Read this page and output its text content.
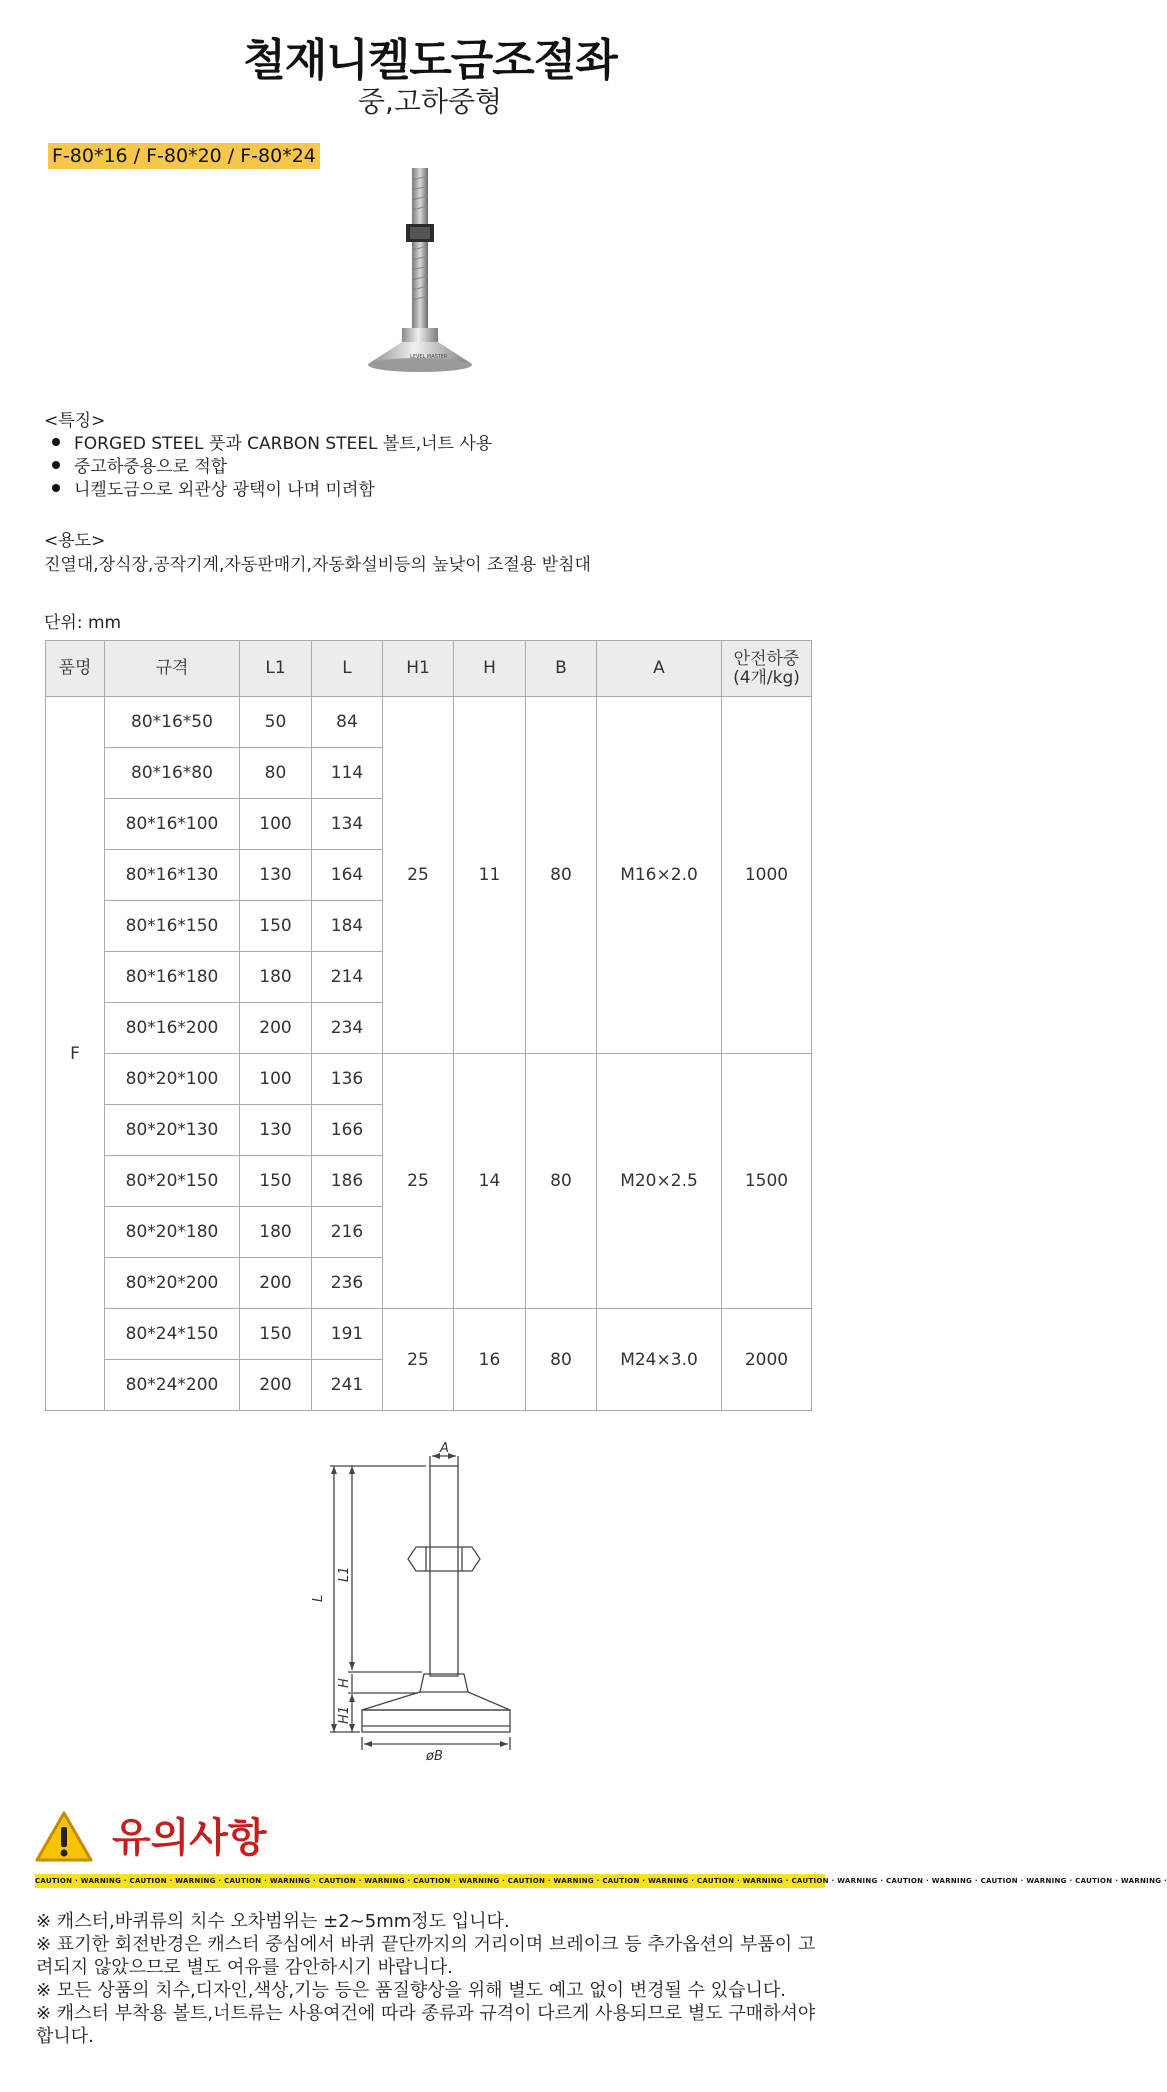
철재니켈도금조절좌
중,고하중형
F-80*16 / F-80*20 / F-80*24
LEVEL MASTER
<특징>
FORGED STEEL 풋과 CARBON STEEL 볼트,너트 사용
중고하중용으로 적합
니켈도금으로 외관상 광택이 나며 미려함
<용도>
진열대,장식장,공작기계,자동판매기,자동화설비등의 높낮이 조절용 받침대
단위: mm
품명	규격	L1	L	H1	H	B	A	안전하중
(4개/kg)
F	80*16*50	50	84	25	11	80	M16×2.0	1000
	80*16*80	80	114					
	80*16*100	100	134					
	80*16*130	130	164					
	80*16*150	150	184					
	80*16*180	180	214					
	80*16*200	200	234					
	80*20*100	100	136	25	14	80	M20×2.5	1500
	80*20*130	130	166					
	80*20*150	150	186					
	80*20*180	180	216					
	80*20*200	200	236					
	80*24*150	150	191	25	16	80	M24×3.0	2000
	80*24*200	200	241					
A
L
L1
H
H1
øB
유의사항
CAUTION · WARNING · CAUTION · WARNING · CAUTION · WARNING · CAUTION · WARNING · CAUTION · WARNING · CAUTION · WARNING · CAUTION · WARNING · CAUTION · WARNING · CAUTION · WARNING · CAUTION · WARNING · CAUTION · WARNING · CAUTION · WARNING ·

※ 캐스터,바퀴류의 치수 오차범위는 ±2~5mm정도 입니다.

※ 표기한 회전반경은 캐스터 중심에서 바퀴 끝단까지의 거리이며 브레이크 등 추가옵션의 부품이 고려되지 않았으므로 별도 여유를 감안하시기 바랍니다.

※ 모든 상품의 치수,디자인,색상,기능 등은 품질향상을 위해 별도 예고 없이 변경될 수 있습니다.

※ 캐스터 부착용 볼트,너트류는 사용여건에 따라 종류과 규격이 다르게 사용되므로 별도 구매하셔야 합니다.
